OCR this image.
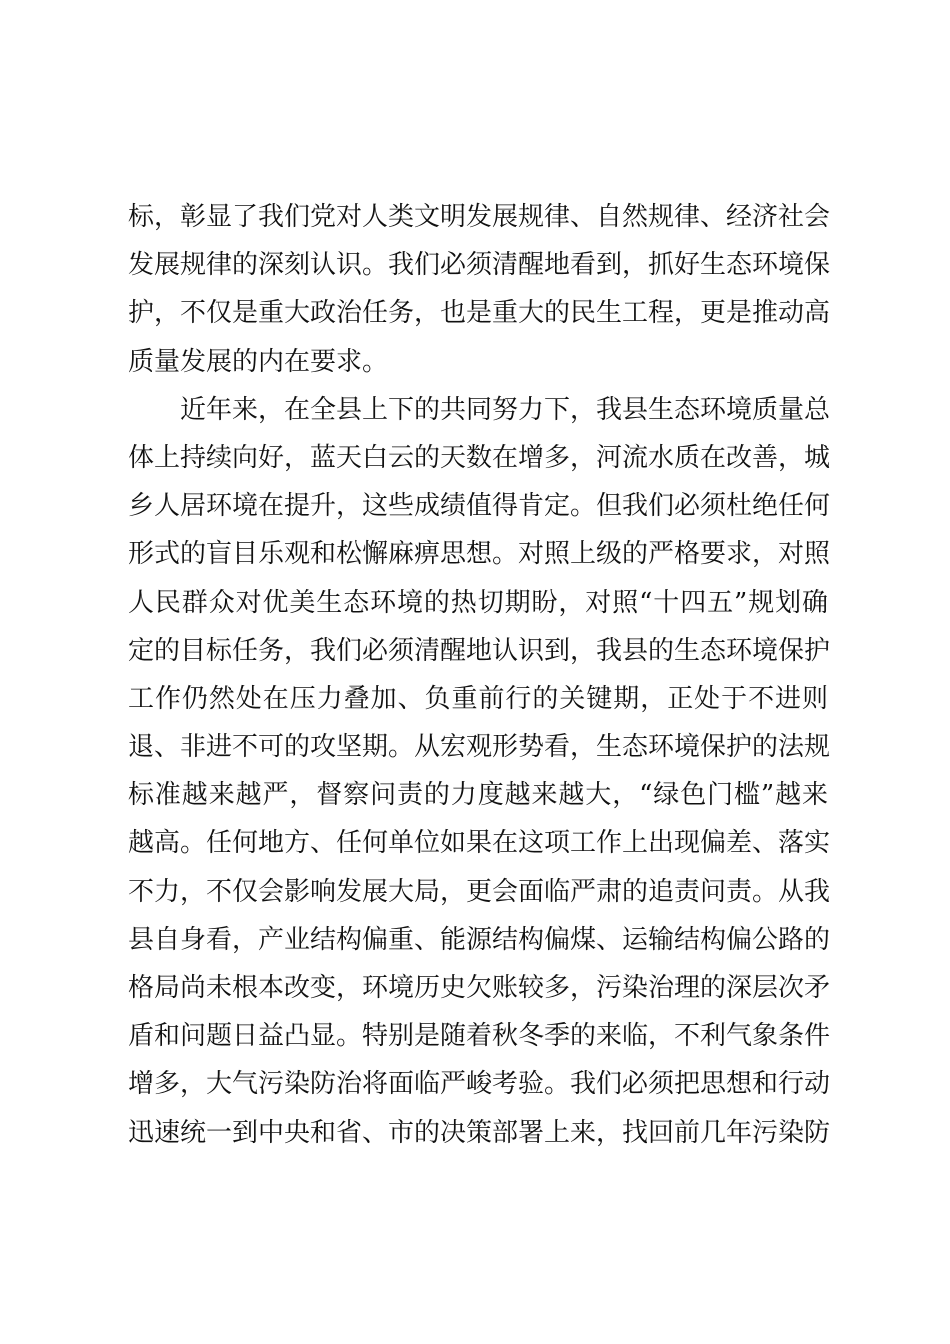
标，彰显了我们党对人类文明发展规律、自然规律、经济社会
发展规律的深刻认识。我们必须清醒地看到，抓好生态环境保
护，不仅是重大政治任务，也是重大的民生工程，更是推动高
质量发展的内在要求。
近年来，在全县上下的共同努力下，我县生态环境质量总
体上持续向好，蓝天白云的天数在增多，河流水质在改善，城
乡人居环境在提升，这些成绩值得肯定。但我们必须杜绝任何
形式的盲目乐观和松懈麻痹思想。对照上级的严格要求，对照
人民群众对优美生态环境的热切期盼，对照“十四五”规划确
定的目标任务，我们必须清醒地认识到，我县的生态环境保护
工作仍然处在压力叠加、负重前行的关键期，正处于不进则
退、非进不可的攻坚期。从宏观形势看，生态环境保护的法规
标准越来越严，督察问责的力度越来越大，“绿色门槛”越来
越高。任何地方、任何单位如果在这项工作上出现偏差、落实
不力，不仅会影响发展大局，更会面临严肃的追责问责。从我
县自身看，产业结构偏重、能源结构偏煤、运输结构偏公路的
格局尚未根本改变，环境历史欠账较多，污染治理的深层次矛
盾和问题日益凸显。特别是随着秋冬季的来临，不利气象条件
增多，大气污染防治将面临严峻考验。我们必须把思想和行动
迅速统一到中央和省、市的决策部署上来，找回前几年污染防
